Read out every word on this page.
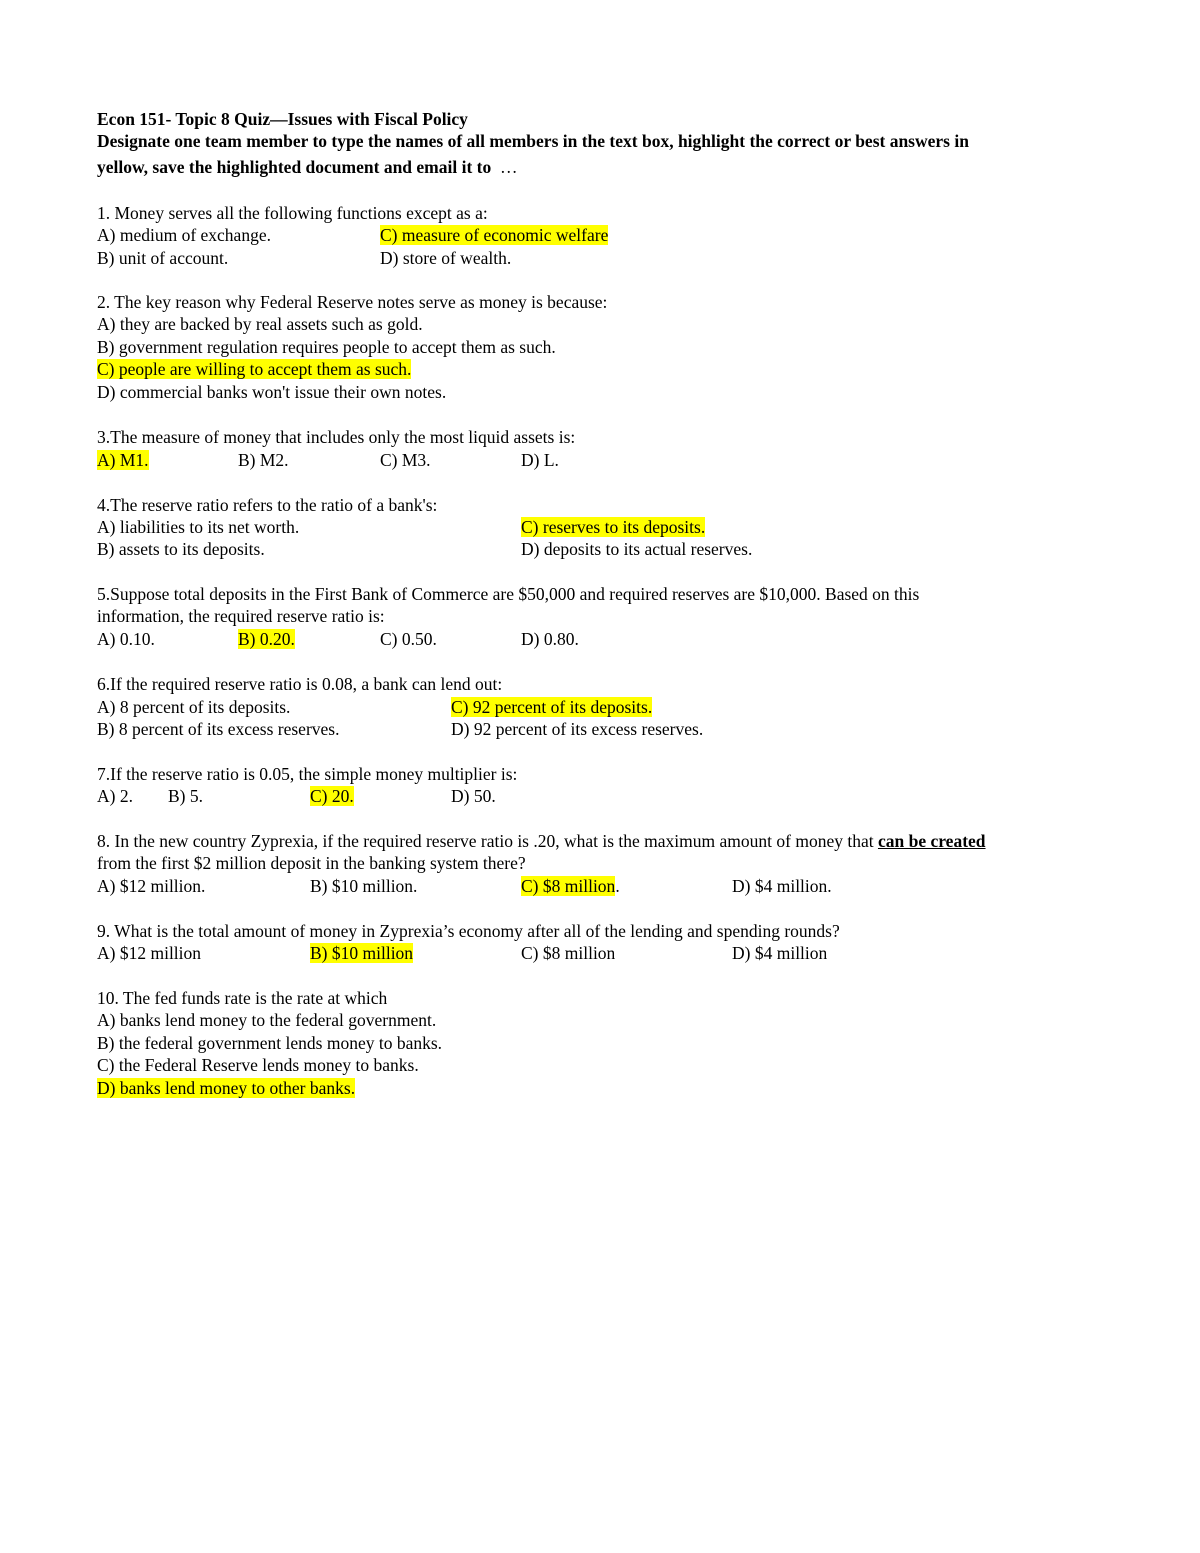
Econ 151- Topic 8 Quiz—Issues with Fiscal Policy
Designate one team member to type the names of all members in the text box, highlight the correct or best answers in
yellow, save the highlighted document and email it to …
1. Money serves all the following functions except as a:
A) medium of exchange.	C) measure of economic welfare
B) unit of account.	D) store of wealth.
2. The key reason why Federal Reserve notes serve as money is because:
A) they are backed by real assets such as gold.
B) government regulation requires people to accept them as such.
C) people are willing to accept them as such.
D) commercial banks won't issue their own notes.
3.The measure of money that includes only the most liquid assets is:
A) M1.	B) M2.	C) M3.	D) L.
4.The reserve ratio refers to the ratio of a bank's:
A) liabilities to its net worth.	C) reserves to its deposits.
B) assets to its deposits.	D) deposits to its actual reserves.
5.Suppose total deposits in the First Bank of Commerce are $50,000 and required reserves are $10,000. Based on this
information, the required reserve ratio is:
A) 0.10.	B) 0.20.	C) 0.50.	D) 0.80.
6.If the required reserve ratio is 0.08, a bank can lend out:
A) 8 percent of its deposits.	C) 92 percent of its deposits.
B) 8 percent of its excess reserves.	D) 92 percent of its excess reserves.
7.If the reserve ratio is 0.05, the simple money multiplier is:
A) 2. B) 5.	C) 20.	D) 50.
8. In the new country Zyprexia, if the required reserve ratio is .20, what is the maximum amount of money that can be created
from the first $2 million deposit in the banking system there?
A) $12 million.	B) $10 million.	C) $8 million.	D) $4 million.
9. What is the total amount of money in Zyprexia’s economy after all of the lending and spending rounds?
A) $12 million	B) $10 million	C) $8 million	D) $4 million
10. The fed funds rate is the rate at which
A) banks lend money to the federal government.
B) the federal government lends money to banks.
C) the Federal Reserve lends money to banks.
D) banks lend money to other banks.
